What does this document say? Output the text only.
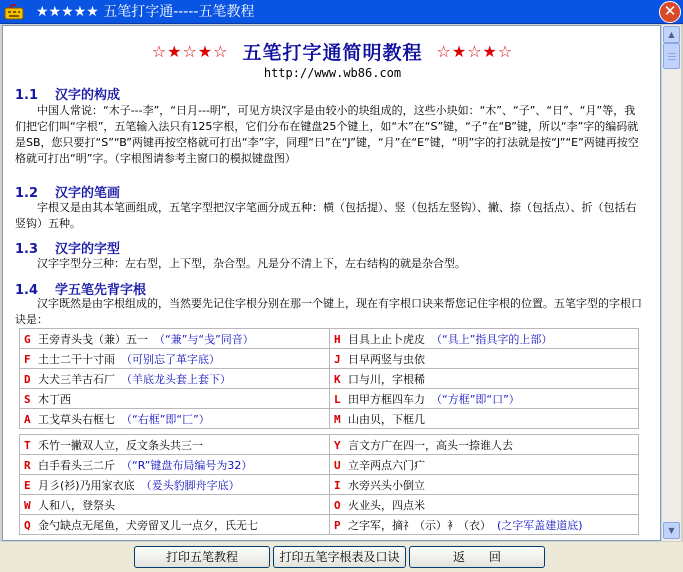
★★★★★ 五笔打字通-----五笔教程	✕
☆★☆★☆ 五笔打字通简明教程 ☆★☆★☆
http://www.wb86.com
1.1 汉字的构成
　　中国人常说：“木子---李”，“日月---明”，可见方块汉字是由较小的块组成的，这些小块如：“木”、“子”、“日”、“月”等，我们把它们叫“字根”，五笔输入法只有125字根，它们分布在键盘25个键上，如“木”在“S”键，“子”在“B”键，所以“李”字的编码就是SB，您只要打“S”“B”两键再按空格就可打出“李”字，同理“日”在“J”键，“月”在“E”键，“明”字的打法就是按“J”“E”两键再按空格就可打出“明”字。（字根图请参考主窗口的模拟键盘图）
1.2 汉字的笔画
　　字根又是由其本笔画组成，五笔字型把汉字笔画分成五种：横（包括提）、竖（包括左竖钩）、撇、捺（包括点）、折（包括右竖钩）五种。
1.3 汉字的字型
　　汉字字型分三种：左右型，上下型，杂合型。凡是分不清上下，左右结构的就是杂合型。
1.4 学五笔先背字根
　　汉字既然是由字根组成的，当然要先记住字根分别在那一个键上，现在有字根口诀来帮您记住字根的位置。五笔字型的字根口诀是：
G 王旁青头戋（兼）五一 （“兼”与“戋”同音）	H 目具上止卜虎皮 （“具上”指具字的上部）
F 土士二干十寸雨 （可别忘了革字底）	J 日早两竖与虫依
D 大犬三羊古石厂 （羊底龙头套上套下）	K 口与川，字根稀
S 木丁西	L 田甲方框四车力 （“方框”即“口”）
A 工戈草头右框七 （“右框”即“匚”）	M 山由贝，下框几
T 禾竹一撇双人立，反文条头共三一	Y 言文方广在四一，高头一捺谁人去
R 白手看头三二斤 （“R”键盘布局编号为32）	U 立辛两点六门疒
E 月彡(衫)乃用家衣底 （爰头豹脚舟字底）	I 水旁兴头小倒立
W 人和八，登祭头	O 火业头，四点米
Q 金勺缺点无尾鱼，犬旁留叉儿一点夕，氏无七	P 之字军，摘礻（示）衤（衣） (之字军盖建道底)
▲
▼
打印五笔教程	打印五笔字根表及口诀	返　　回
